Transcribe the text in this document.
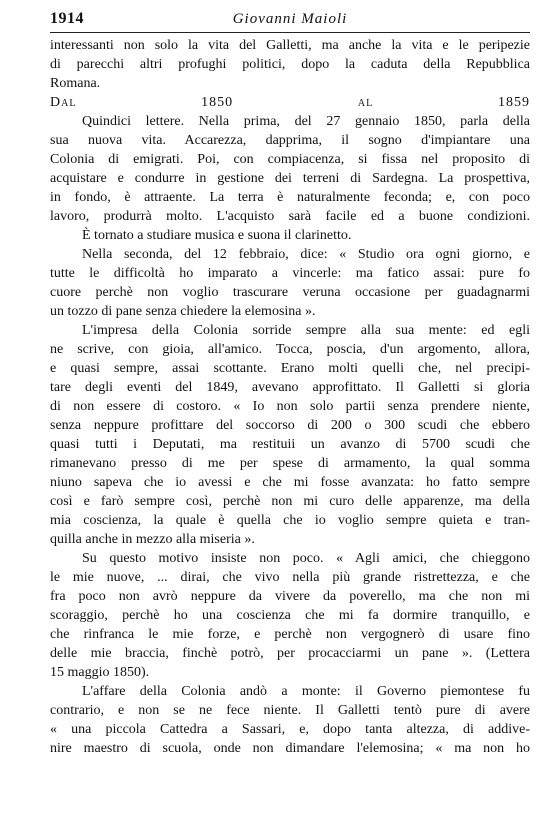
1914	Giovanni Maioli

interessanti non solo la vita del Galletti, ma anche la vita e le peripezie

di parecchi altri profughi politici, dopo la caduta della Repubblica

Romana.

Dal 1850 al 1859

Quindici lettere. Nella prima, del 27 gennaio 1850, parla della

sua nuova vita. Accarezza, dapprima, il sogno d'impiantare una

Colonia di emigrati. Poi, con compiacenza, si fissa nel proposito di

acquistare e condurre in gestione dei terreni di Sardegna. La prospettiva,

in fondo, è attraente. La terra è naturalmente feconda; e, con poco

lavoro, produrrà molto. L'acquisto sarà facile ed a buone condizioni.

È tornato a studiare musica e suona il clarinetto.

Nella seconda, del 12 febbraio, dice: « Studio ora ogni giorno, e

tutte le difficoltà ho imparato a vincerle: ma fatico assai: pure fo

cuore perchè non voglio trascurare veruna occasione per guadagnarmi

un tozzo di pane senza chiedere la elemosina ».

L'impresa della Colonia sorride sempre alla sua mente: ed egli

ne scrive, con gioia, all'amico. Tocca, poscia, d'un argomento, allora,

e quasi sempre, assai scottante. Erano molti quelli che, nel precipi-

tare degli eventi del 1849, avevano approfittato. Il Galletti si gloria

di non essere di costoro. « Io non solo partii senza prendere niente,

senza neppure profittare del soccorso di 200 o 300 scudi che ebbero

quasi tutti i Deputati, ma restituii un avanzo di 5700 scudi che

rimanevano presso di me per spese di armamento, la qual somma

niuno sapeva che io avessi e che mi fosse avanzata: ho fatto sempre

così e farò sempre così, perchè non mi curo delle apparenze, ma della

mia coscienza, la quale è quella che io voglio sempre quieta e tran-

quilla anche in mezzo alla miseria ».

Su questo motivo insiste non poco. « Agli amici, che chieggono

le mie nuove, ... dirai, che vivo nella più grande ristrettezza, e che

fra poco non avrò neppure da vivere da poverello, ma che non mi

scoraggio, perchè ho una coscienza che mi fa dormire tranquillo, e

che rinfranca le mie forze, e perchè non vergognerò di usare fino

delle mie braccia, finchè potrò, per procacciarmi un pane ». (Lettera

15 maggio 1850).

L'affare della Colonia andò a monte: il Governo piemontese fu

contrario, e non se ne fece niente. Il Galletti tentò pure di avere

« una piccola Cattedra a Sassari, e, dopo tanta altezza, di addive-

nire maestro di scuola, onde non dimandare l'elemosina; « ma non ho
